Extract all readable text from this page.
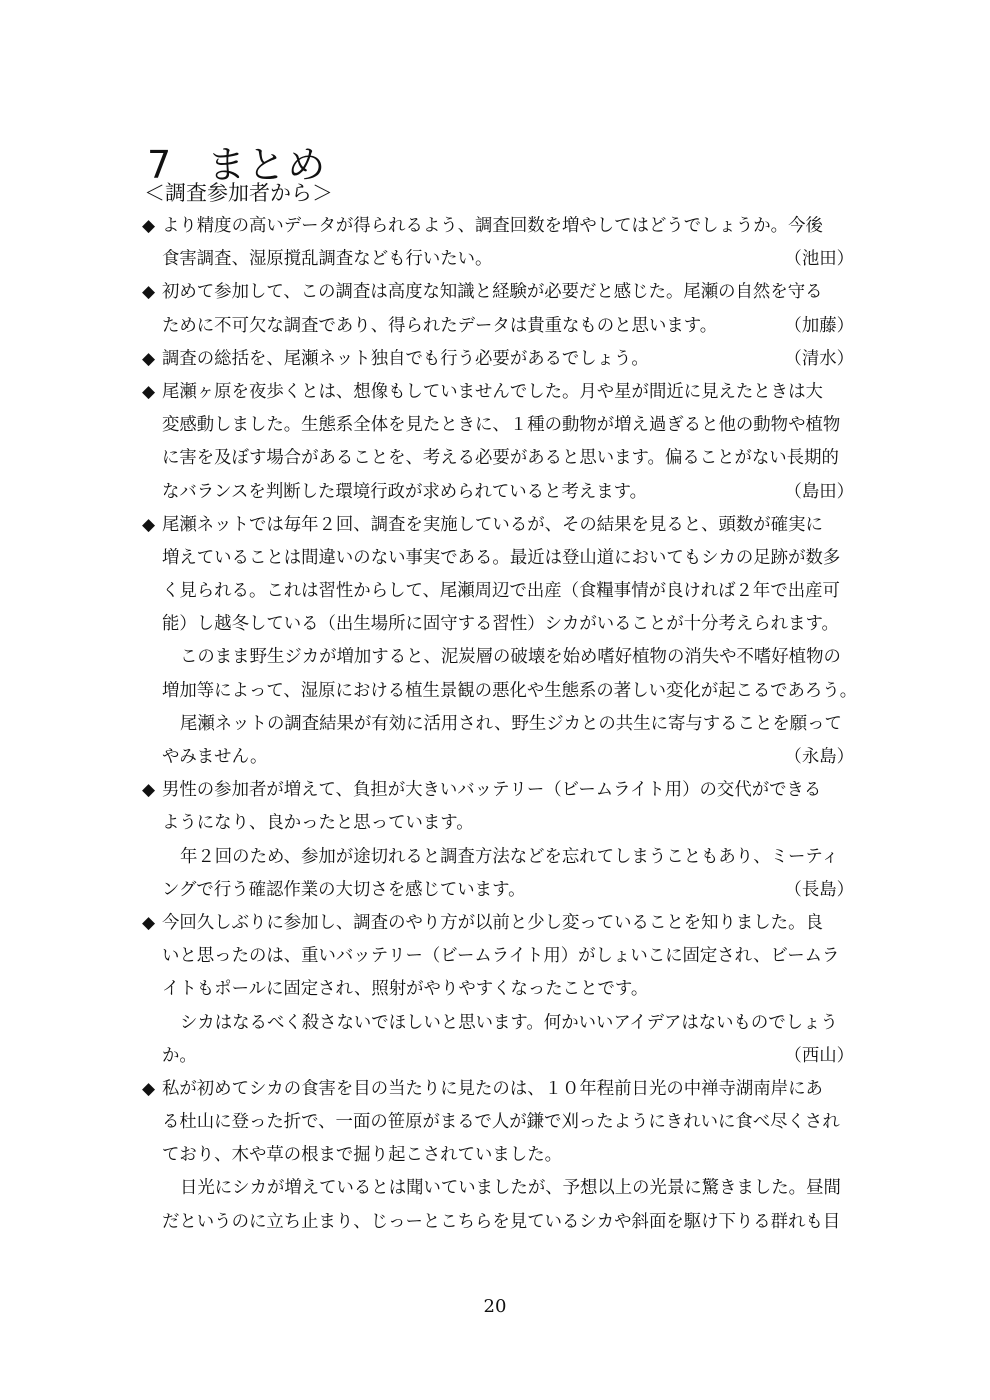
7 まとめ

＜調査参加者から＞

◆ より精度の高いデータが得られるよう、調査回数を増やしてはどうでしょうか。今後
食害調査、湿原撹乱調査なども行いたい。	（池田）
◆ 初めて参加して、この調査は高度な知識と経験が必要だと感じた。尾瀬の自然を守る
ために不可欠な調査であり、得られたデータは貴重なものと思います。	（加藤）
◆ 調査の総括を、尾瀬ネット独自でも行う必要があるでしょう。	（清水）
◆ 尾瀬ヶ原を夜歩くとは、想像もしていませんでした。月や星が間近に見えたときは大
変感動しました。生態系全体を見たときに、１種の動物が増え過ぎると他の動物や植物
に害を及ぼす場合があることを、考える必要があると思います。偏ることがない長期的
なバランスを判断した環境行政が求められていると考えます。	（島田）
◆ 尾瀬ネットでは毎年２回、調査を実施しているが、その結果を見ると、頭数が確実に
増えていることは間違いのない事実である。最近は登山道においてもシカの足跡が数多
く見られる。これは習性からして、尾瀬周辺で出産（食糧事情が良ければ２年で出産可
能）し越冬している（出生場所に固守する習性）シカがいることが十分考えられます。
このまま野生ジカが増加すると、泥炭層の破壊を始め嗜好植物の消失や不嗜好植物の
増加等によって、湿原における植生景観の悪化や生態系の著しい変化が起こるであろう。
尾瀬ネットの調査結果が有効に活用され、野生ジカとの共生に寄与することを願って
やみません。	（永島）
◆ 男性の参加者が増えて、負担が大きいバッテリー（ビームライト用）の交代ができる
ようになり、良かったと思っています。
年２回のため、参加が途切れると調査方法などを忘れてしまうこともあり、ミーティ
ングで行う確認作業の大切さを感じています。	（長島）
◆ 今回久しぶりに参加し、調査のやり方が以前と少し変っていることを知りました。良
いと思ったのは、重いバッテリー（ビームライト用）がしょいこに固定され、ビームラ
イトもポールに固定され、照射がやりやすくなったことです。
シカはなるべく殺さないでほしいと思います。何かいいアイデアはないものでしょう
か。	（西山）
◆ 私が初めてシカの食害を目の当たりに見たのは、１０年程前日光の中禅寺湖南岸にあ
る杜山に登った折で、一面の笹原がまるで人が鎌で刈ったようにきれいに食べ尽くされ
ており、木や草の根まで掘り起こされていました。
日光にシカが増えているとは聞いていましたが、予想以上の光景に驚きました。昼間
だというのに立ち止まり、じっーとこちらを見ているシカや斜面を駆け下りる群れも目
20
